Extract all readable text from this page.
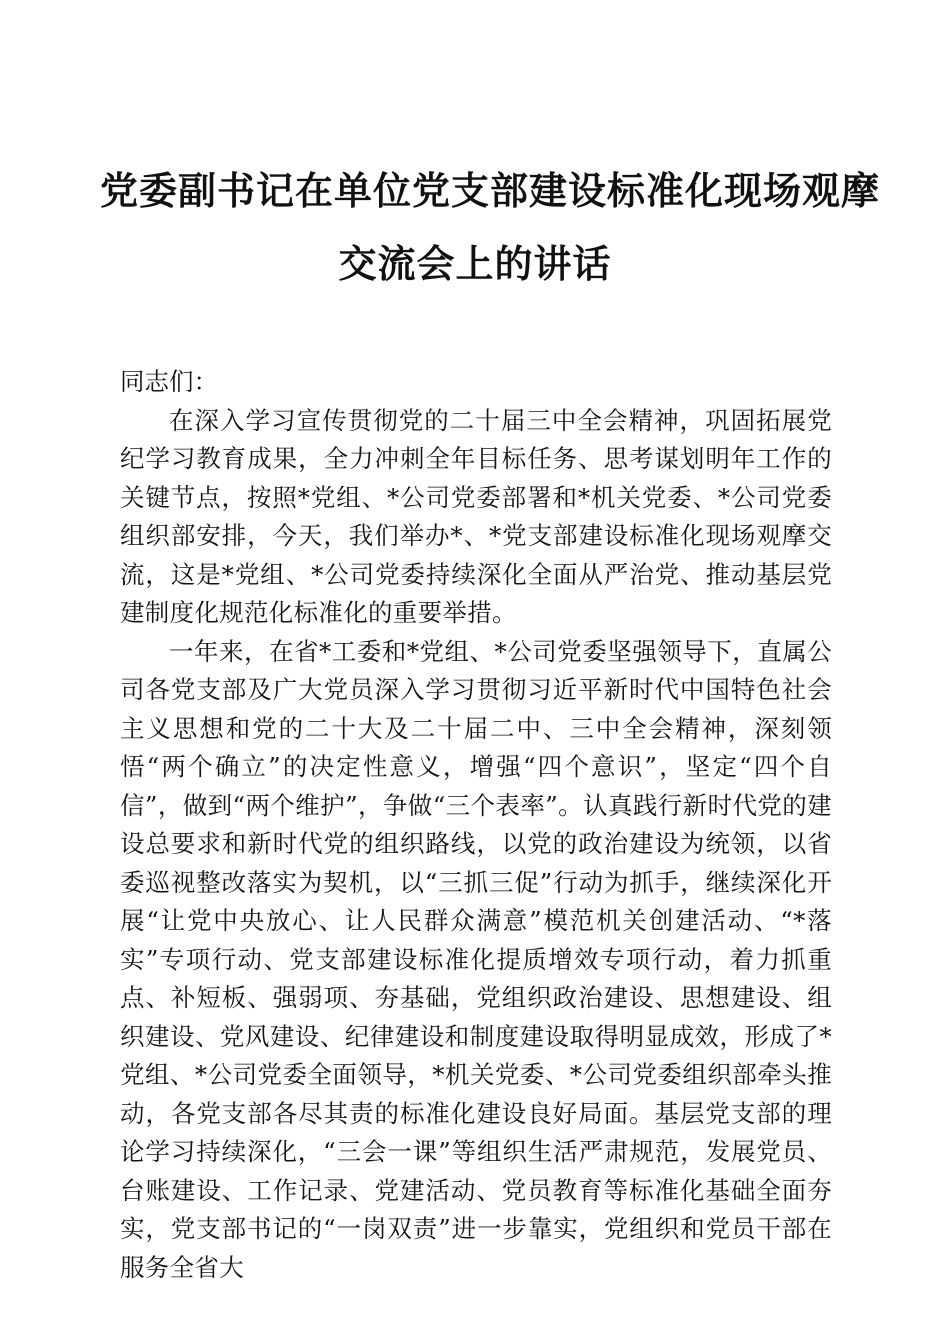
党委副书记在单位党支部建设标准化现场观摩
交流会上的讲话

同志们：

在深入学习宣传贯彻党的二十届三中全会精神，巩固拓展党纪学习教育成果，全力冲刺全年目标任务、思考谋划明年工作的关键节点，按照*党组、*公司党委部署和*机关党委、*公司党委组织部安排，今天，我们举办*、*党支部建设标准化现场观摩交流，这是*党组、*公司党委持续深化全面从严治党、推动基层党建制度化规范化标准化的重要举措。

一年来，在省*工委和*党组、*公司党委坚强领导下，直属公司各党支部及广大党员深入学习贯彻习近平新时代中国特色社会主义思想和党的二十大及二十届二中、三中全会精神，深刻领悟“两个确立”的决定性意义，增强“四个意识”，坚定“四个自信”，做到“两个维护”，争做“三个表率”。认真践行新时代党的建设总要求和新时代党的组织路线，以党的政治建设为统领，以省委巡视整改落实为契机，以“三抓三促”行动为抓手，继续深化开展“让党中央放心、让人民群众满意”模范机关创建活动、“*落实”专项行动、党支部建设标准化提质增效专项行动，着力抓重点、补短板、强弱项、夯基础，党组织政治建设、思想建设、组织建设、党风建设、纪律建设和制度建设取得明显成效，形成了*党组、*公司党委全面领导，*机关党委、*公司党委组织部牵头推动，各党支部各尽其责的标准化建设良好局面。基层党支部的理论学习持续深化，“三会一课”等组织生活严肃规范，发展党员、台账建设、工作记录、党建活动、党员教育等标准化基础全面夯实，党支部书记的“一岗双责”进一步靠实，党组织和党员干部在服务全省大
